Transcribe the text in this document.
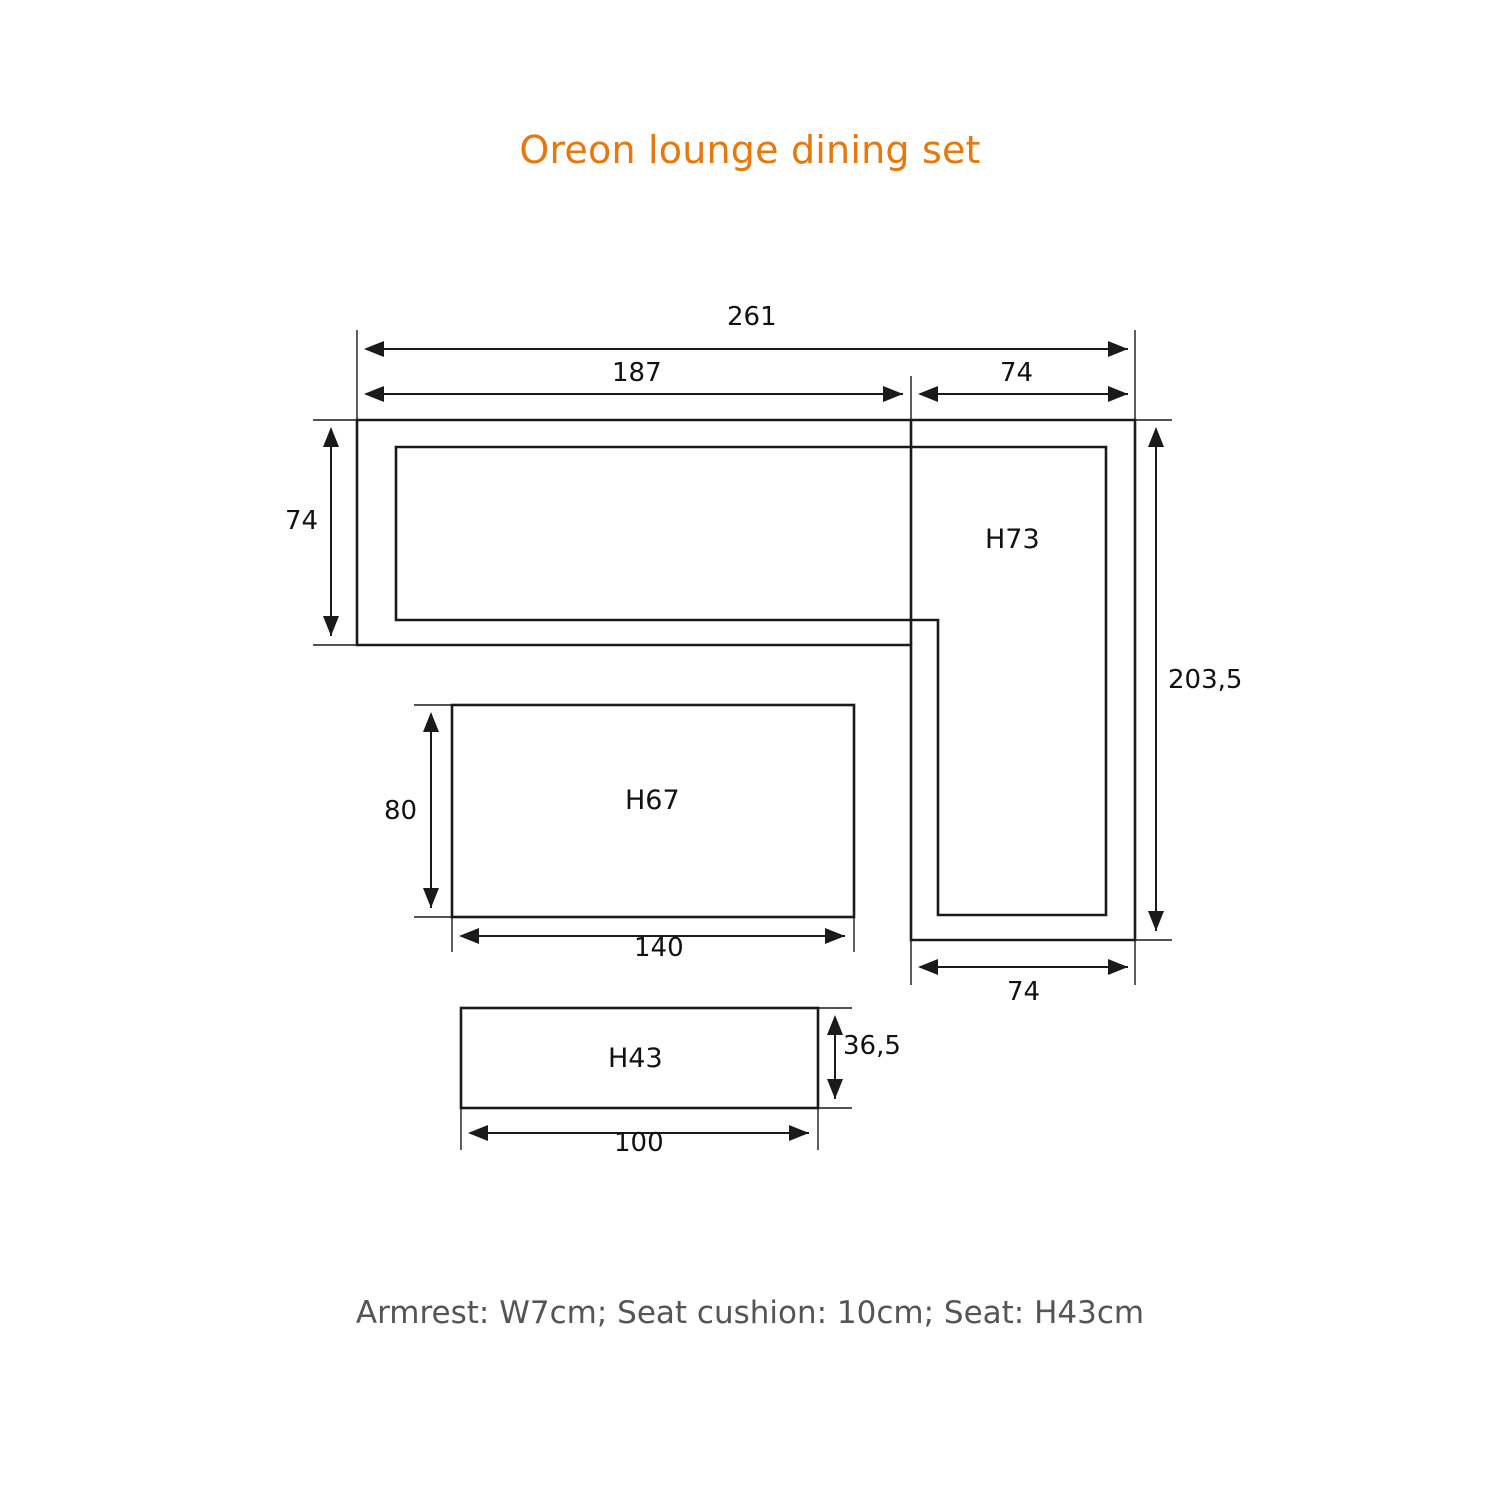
Oreon lounge dining set
261
187	74
74
203,5
74
80
140
36,5
100
H73
H67
H43
Armrest: W7cm; Seat cushion: 10cm; Seat: H43cm
